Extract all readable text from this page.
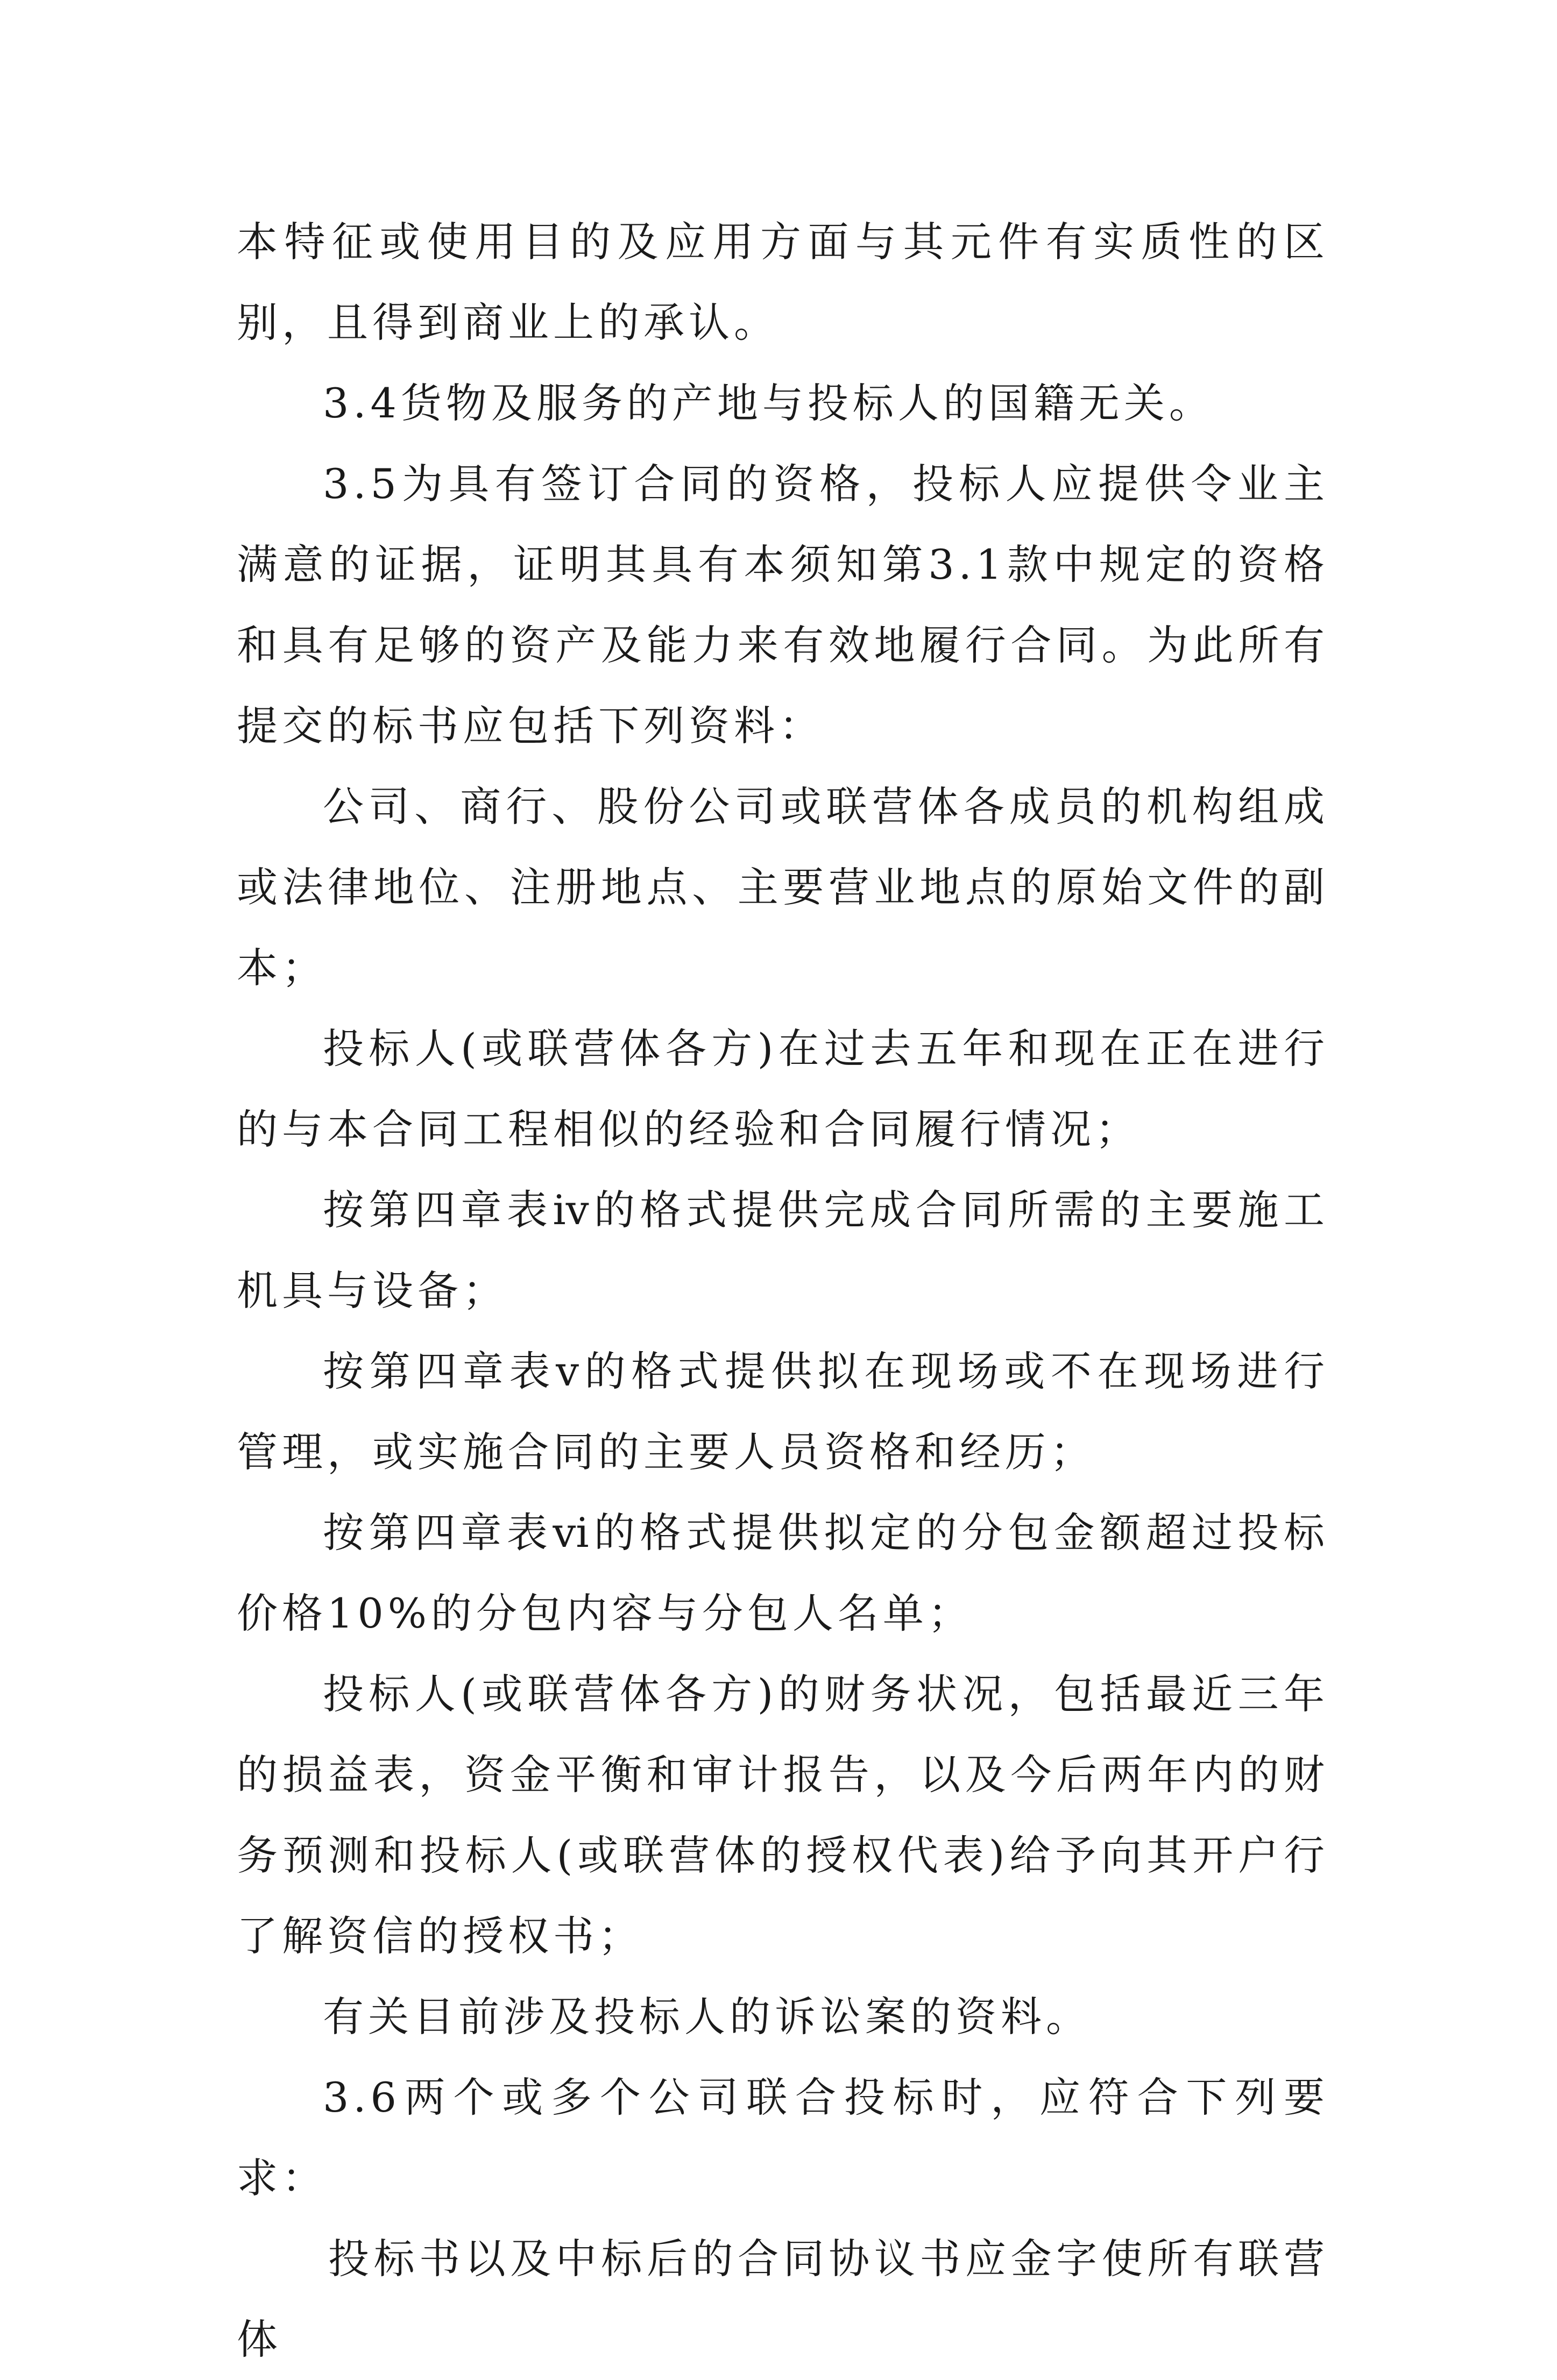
本特征或使用目的及应用方面与其元件有实质性的区别，且得到商业上的承认。

3.4货物及服务的产地与投标人的国籍无关。

3.5为具有签订合同的资格，投标人应提供令业主满意的证据，证明其具有本须知第3.1款中规定的资格和具有足够的资产及能力来有效地履行合同。为此所有提交的标书应包括下列资料：

公司、商行、股份公司或联营体各成员的机构组成或法律地位、注册地点、主要营业地点的原始文件的副本；

投标人(或联营体各方)在过去五年和现在正在进行的与本合同工程相似的经验和合同履行情况；

按第四章表ⅳ的格式提供完成合同所需的主要施工机具与设备；

按第四章表ⅴ的格式提供拟在现场或不在现场进行管理，或实施合同的主要人员资格和经历；

按第四章表ⅵ的格式提供拟定的分包金额超过投标价格10%的分包内容与分包人名单；

投标人(或联营体各方)的财务状况，包括最近三年的损益表，资金平衡和审计报告，以及今后两年内的财务预测和投标人(或联营体的授权代表)给予向其开户行了解资信的授权书；

有关目前涉及投标人的诉讼案的资料。

3.6两个或多个公司联合投标时，应符合下列要求：

投标书以及中标后的合同协议书应金字使所有联营体
